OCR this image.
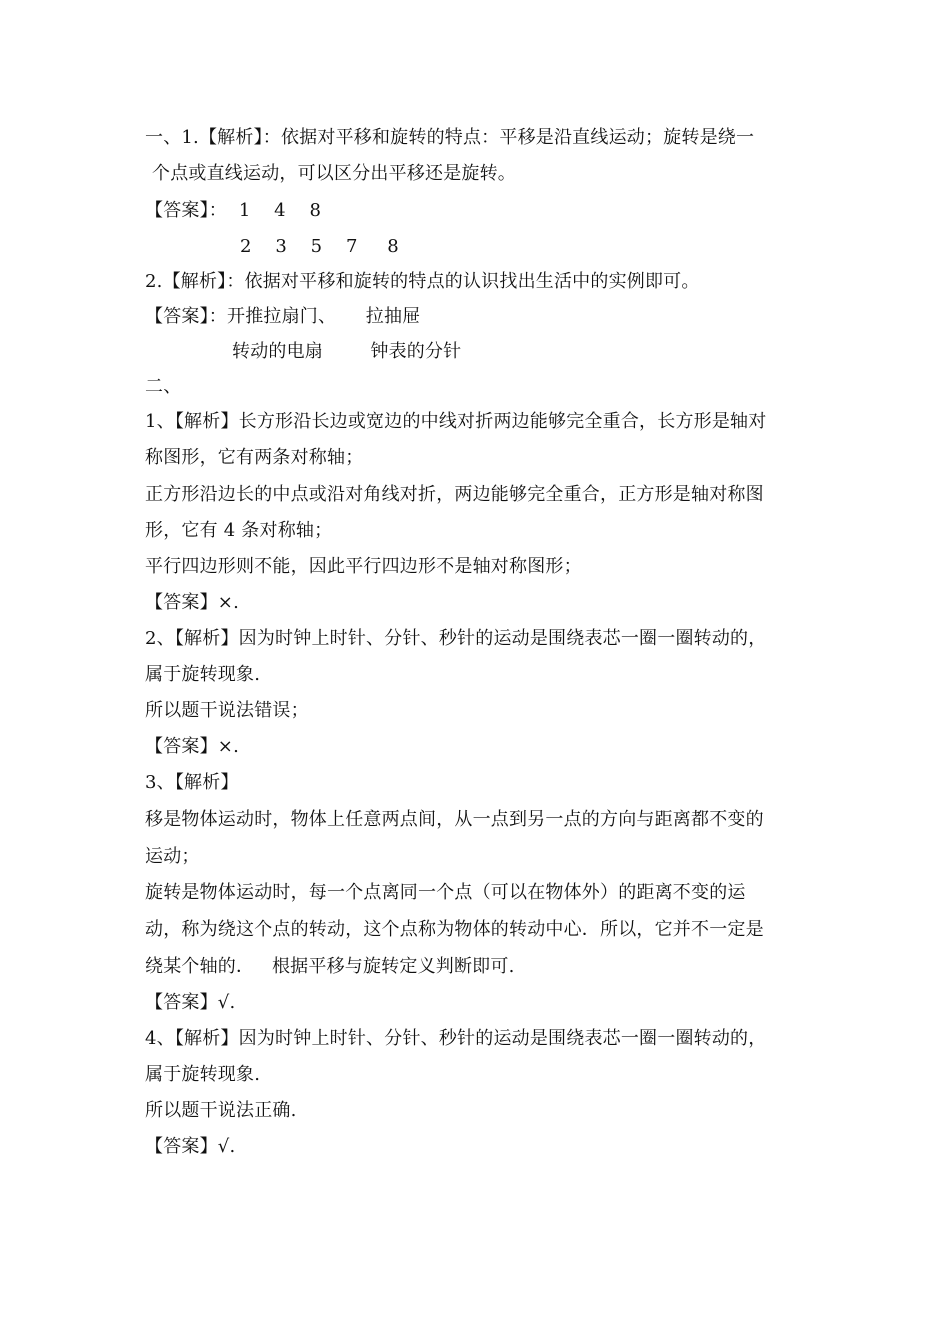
一、1.【解析】：依据对平移和旋转的特点：平移是沿直线运动；旋转是绕一
个点或直线运动，可以区分出平移还是旋转。
【答案】：  1    4    8
2    3    5    7     8
2.【解析】：依据对平移和旋转的特点的认识找出生活中的实例即可。
【答案】：开推拉扇门、     拉抽屉
转动的电扇        钟表的分针
二、
1、【解析】长方形沿长边或宽边的中线对折两边能够完全重合，长方形是轴对
称图形，它有两条对称轴；
正方形沿边长的中点或沿对角线对折，两边能够完全重合，正方形是轴对称图
形，它有 4 条对称轴；
平行四边形则不能，因此平行四边形不是轴对称图形；
【答案】×.
2、【解析】因为时钟上时针、分针、秒针的运动是围绕表芯一圈一圈转动的，
属于旋转现象.
所以题干说法错误；
【答案】×.
3、【解析】
移是物体运动时，物体上任意两点间，从一点到另一点的方向与距离都不变的
运动；
旋转是物体运动时，每一个点离同一个点（可以在物体外）的距离不变的运
动，称为绕这个点的转动，这个点称为物体的转动中心．所以，它并不一定是
绕某个轴的．   根据平移与旋转定义判断即可.
【答案】√.
4、【解析】因为时钟上时针、分针、秒针的运动是围绕表芯一圈一圈转动的，
属于旋转现象.
所以题干说法正确.
【答案】√.
